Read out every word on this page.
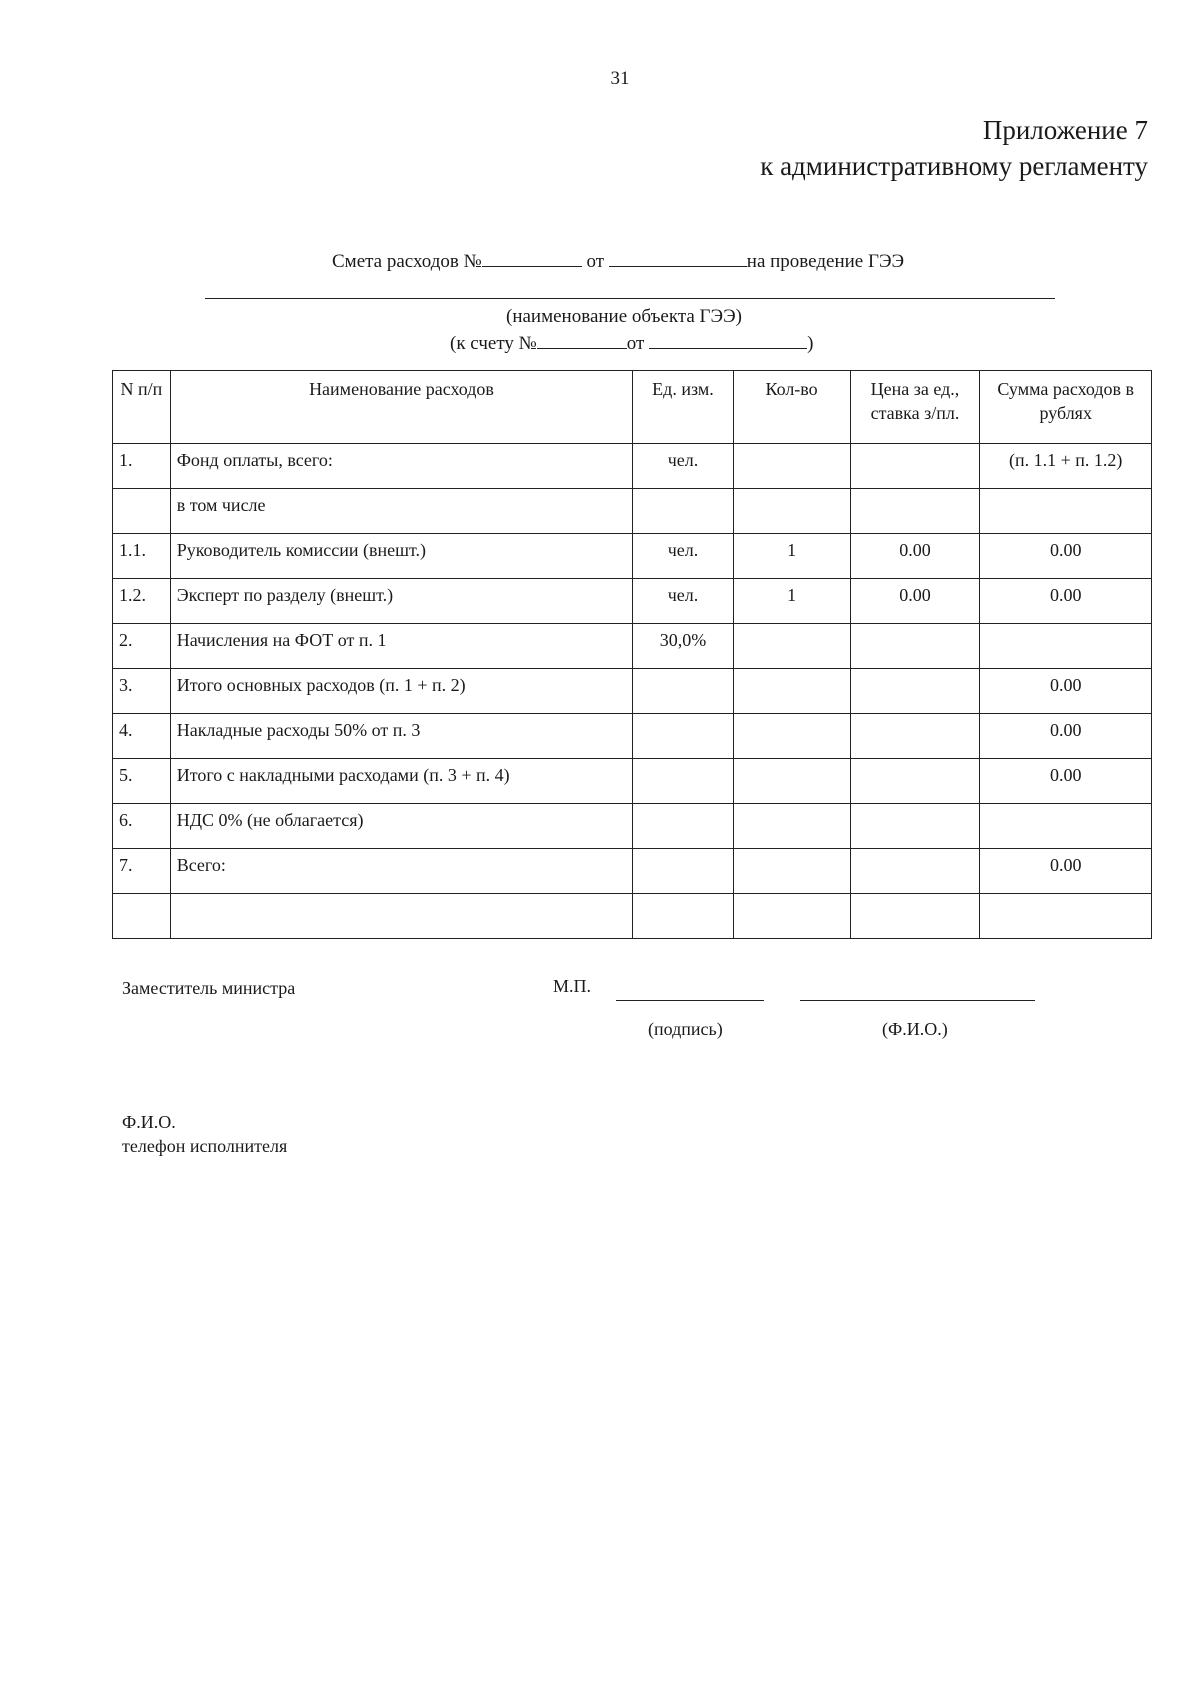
31
Приложение 7
к административному регламенту
Смета расходов №	от	на проведение ГЭЭ
(наименование объекта ГЭЭ)
(к счету №	от	)
N п/п	Наименование расходов	Ед. изм.	Кол-во	Цена за ед., ставка з/пл.	Сумма расходов в рублях
1.	Фонд оплаты, всего:	чел.			(п. 1.1 + п. 1.2)
	в том числе				
1.1.	Руководитель комиссии (внешт.)	чел.	1	0.00	0.00
1.2.	Эксперт по разделу (внешт.)	чел.	1	0.00	0.00
2.	Начисления на ФОТ от п. 1	30,0%			
3.	Итого основных расходов (п. 1 + п. 2)				0.00
4.	Накладные расходы 50% от п. 3				0.00
5.	Итого с накладными расходами (п. 3 + п. 4)				0.00
6.	НДС 0% (не облагается)				
7.	Всего:				0.00

Заместитель министра	М.П.
(подпись)	(Ф.И.О.)
Ф.И.О.
телефон исполнителя
